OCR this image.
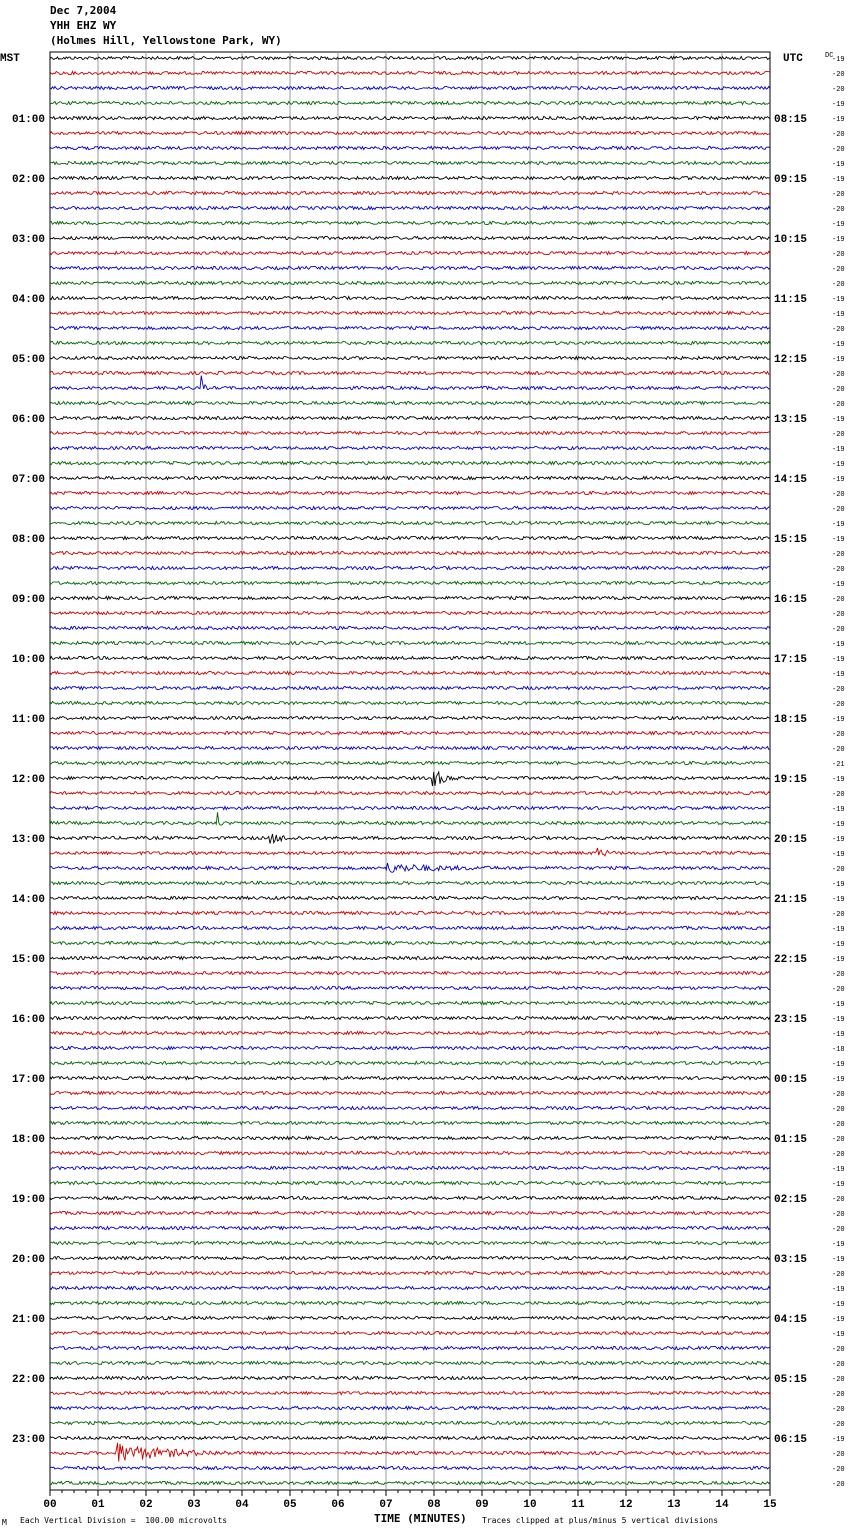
Dec 7,2004
YHH EHZ WY
(Holmes Hill, Yellowstone Park, WY)
MST	UTC	DC
01:00
02:00
03:00
04:00
05:00
06:00
07:00
08:00
09:00
10:00
11:00
12:00
13:00
14:00
15:00
16:00
17:00
18:00
19:00
20:00
21:00
22:00
23:00
08:15
09:15
10:15
11:15
12:15
13:15
14:15
15:15
16:15
17:15
18:15
19:15
20:15
21:15
22:15
23:15
00:15
01:15
02:15
03:15
04:15
05:15
06:15
-19
-20
-20
-19
-19
-20
-20
-19
-19
-20
-20
-19
-19
-20
-20
-20
-19
-19
-20
-19
-19
-20
-20
-20
-19
-20
-19
-19
-19
-20
-20
-19
-19
-20
-20
-19
-20
-20
-20
-19
-19
-19
-20
-20
-19
-20
-20
-21
-19
-20
-19
-19
-19
-19
-20
-19
-19
-20
-19
-19
-19
-20
-20
-19
-19
-19
-18
-19
-19
-20
-20
-20
-20
-20
-19
-19
-20
-20
-20
-19
-19
-20
-19
-19
-19
-19
-20
-20
-20
-20
-20
-20
-19
-20
-20
-20
00	01	02	03	04	05	06	07	08	09	10	11	12	13	14	15
M Each Vertical Division =  100.00 microvolts	TIME (MINUTES) Traces clipped at plus/minus 5 vertical divisions
